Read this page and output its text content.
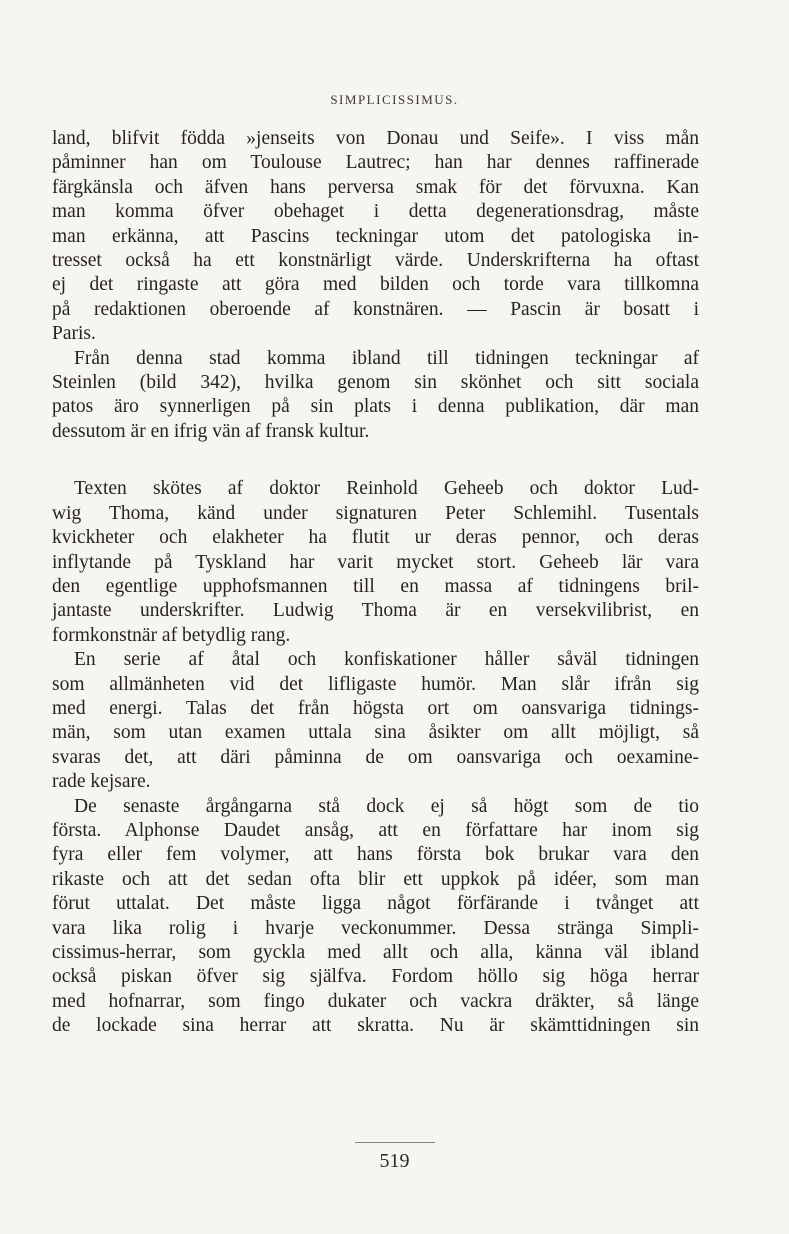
SIMPLICISSIMUS.

land, blifvit födda »jenseits von Donau und Seife». I viss mån
påminner han om Toulouse Lautrec; han har dennes raffinerade
färgkänsla och äfven hans perversa smak för det förvuxna. Kan
man komma öfver obehaget i detta degenerationsdrag, måste
man erkänna, att Pascins teckningar utom det patologiska in-
tresset också ha ett konstnärligt värde. Underskrifterna ha oftast
ej det ringaste att göra med bilden och torde vara tillkomna
på redaktionen oberoende af konstnären. — Pascin är bosatt i
Paris.

Från denna stad komma ibland till tidningen teckningar af
Steinlen (bild 342), hvilka genom sin skönhet och sitt sociala
patos äro synnerligen på sin plats i denna publikation, där man
dessutom är en ifrig vän af fransk kultur.

Texten skötes af doktor Reinhold Geheeb och doktor Lud-
wig Thoma, känd under signaturen Peter Schlemihl. Tusentals
kvickheter och elakheter ha flutit ur deras pennor, och deras
inflytande på Tyskland har varit mycket stort. Geheeb lär vara
den egentlige upphofsmannen till en massa af tidningens bril-
jantaste underskrifter. Ludwig Thoma är en versekvilibrist, en
formkonstnär af betydlig rang.

En serie af åtal och konfiskationer håller såväl tidningen
som allmänheten vid det lifligaste humör. Man slår ifrån sig
med energi. Talas det från högsta ort om oansvariga tidnings-
män, som utan examen uttala sina åsikter om allt möjligt, så
svaras det, att däri påminna de om oansvariga och oexamine-
rade kejsare.

De senaste årgångarna stå dock ej så högt som de tio
första. Alphonse Daudet ansåg, att en författare har inom sig
fyra eller fem volymer, att hans första bok brukar vara den
rikaste och att det sedan ofta blir ett uppkok på idéer, som man
förut uttalat. Det måste ligga något förfärande i tvånget att
vara lika rolig i hvarje veckonummer. Dessa stränga Simpli-
cissimus-herrar, som gyckla med allt och alla, känna väl ibland
också piskan öfver sig själfva. Fordom höllo sig höga herrar
med hofnarrar, som fingo dukater och vackra dräkter, så länge
de lockade sina herrar att skratta. Nu är skämttidningen sin

519
